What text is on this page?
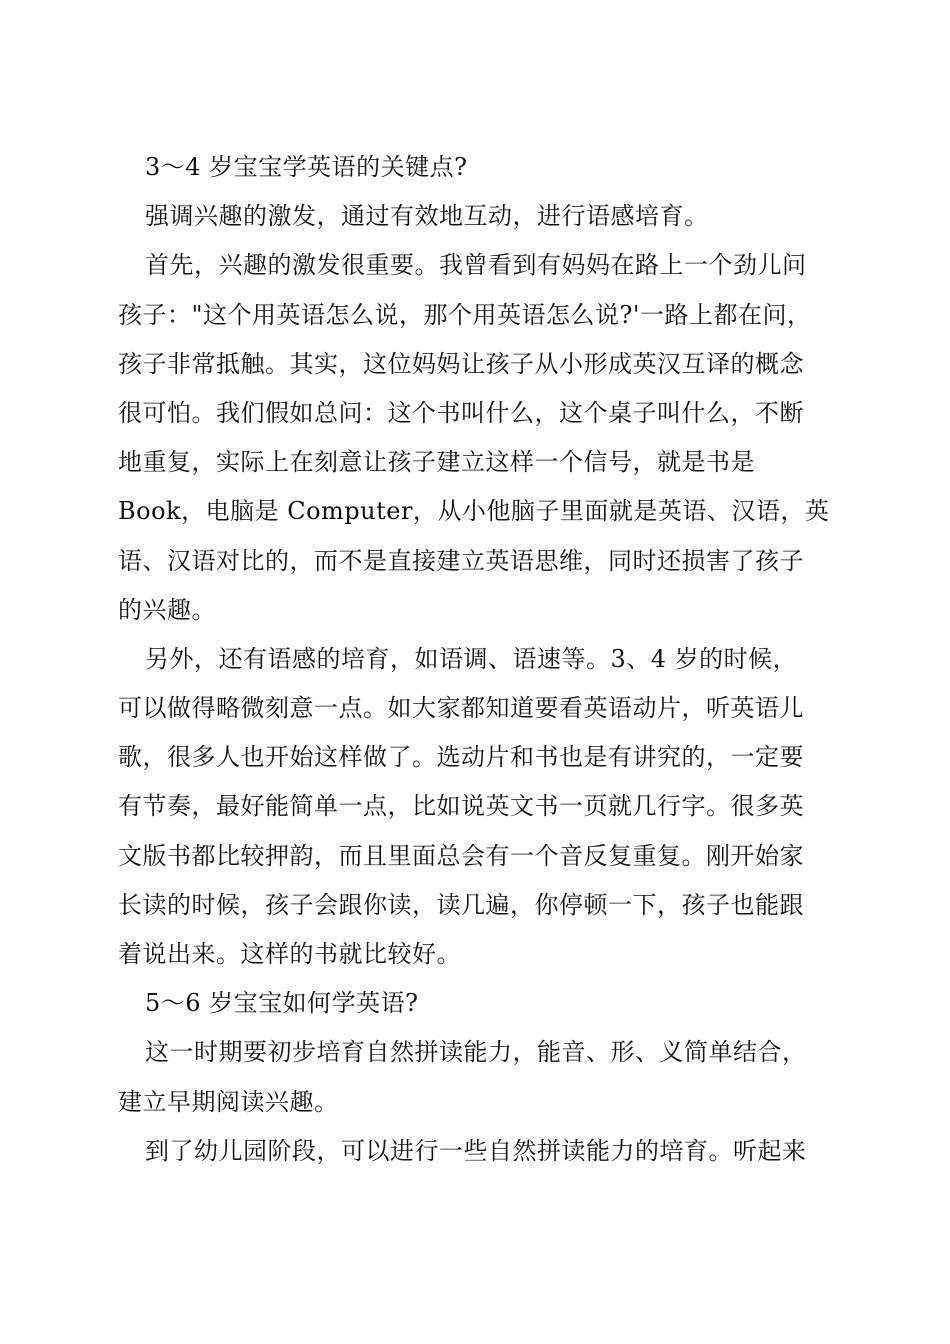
3～4 岁宝宝学英语的关键点?
强调兴趣的激发，通过有效地互动，进行语感培育。
首先，兴趣的激发很重要。我曾看到有妈妈在路上一个劲儿问
孩子："这个用英语怎么说，那个用英语怎么说?'一路上都在问，
孩子非常抵触。其实，这位妈妈让孩子从小形成英汉互译的概念
很可怕。我们假如总问：这个书叫什么，这个桌子叫什么，不断
地重复，实际上在刻意让孩子建立这样一个信号，就是书是
Book，电脑是 Computer，从小他脑子里面就是英语、汉语，英
语、汉语对比的，而不是直接建立英语思维，同时还损害了孩子
的兴趣。
另外，还有语感的培育，如语调、语速等。3、4 岁的时候，
可以做得略微刻意一点。如大家都知道要看英语动片，听英语儿
歌，很多人也开始这样做了。选动片和书也是有讲究的，一定要
有节奏，最好能简单一点，比如说英文书一页就几行字。很多英
文版书都比较押韵，而且里面总会有一个音反复重复。刚开始家
长读的时候，孩子会跟你读，读几遍，你停顿一下，孩子也能跟
着说出来。这样的书就比较好。
5～6 岁宝宝如何学英语?
这一时期要初步培育自然拼读能力，能音、形、义简单结合，
建立早期阅读兴趣。
到了幼儿园阶段，可以进行一些自然拼读能力的培育。听起来
